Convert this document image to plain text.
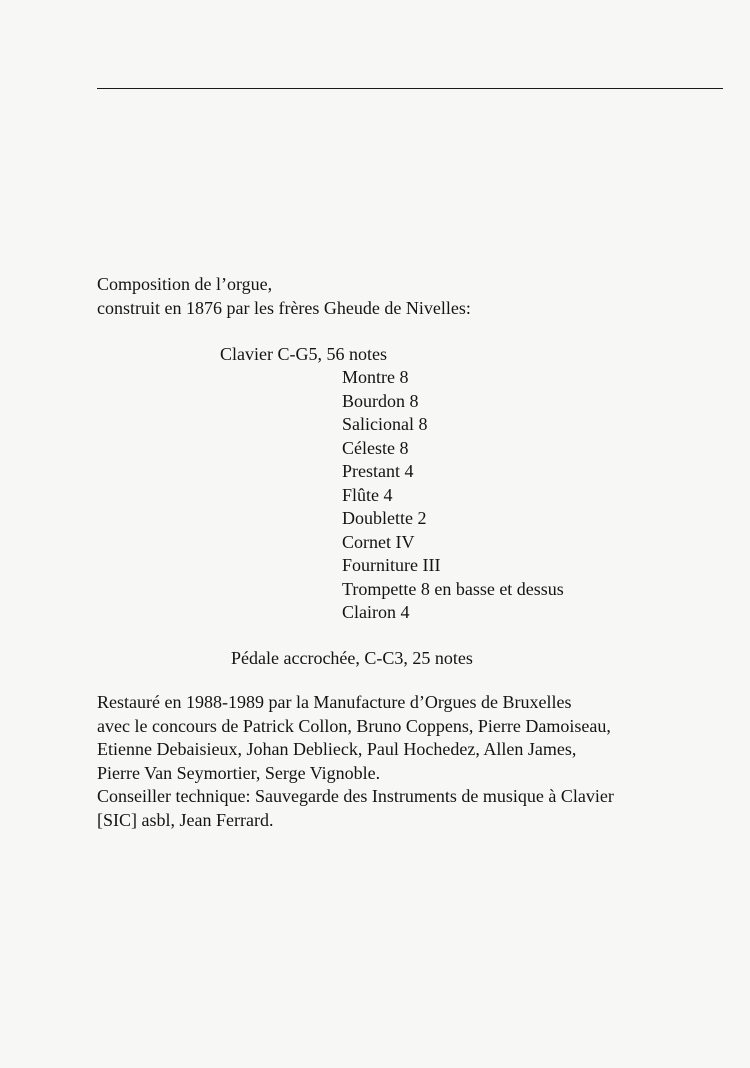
Composition de l’orgue,
construit en 1876 par les frères Gheude de Nivelles:
Clavier C-G5, 56 notes
Montre 8
Bourdon 8
Salicional 8
Céleste 8
Prestant 4
Flûte 4
Doublette 2
Cornet IV
Fourniture III
Trompette 8 en basse et dessus
Clairon 4
Pédale accrochée, C-C3, 25 notes
Restauré en 1988-1989 par la Manufacture d’Orgues de Bruxelles
avec le concours de Patrick Collon, Bruno Coppens, Pierre Damoiseau,
Etienne Debaisieux, Johan Deblieck, Paul Hochedez, Allen James,
Pierre Van Seymortier, Serge Vignoble.
Conseiller technique: Sauvegarde des Instruments de musique à Clavier
[SIC] asbl, Jean Ferrard.
